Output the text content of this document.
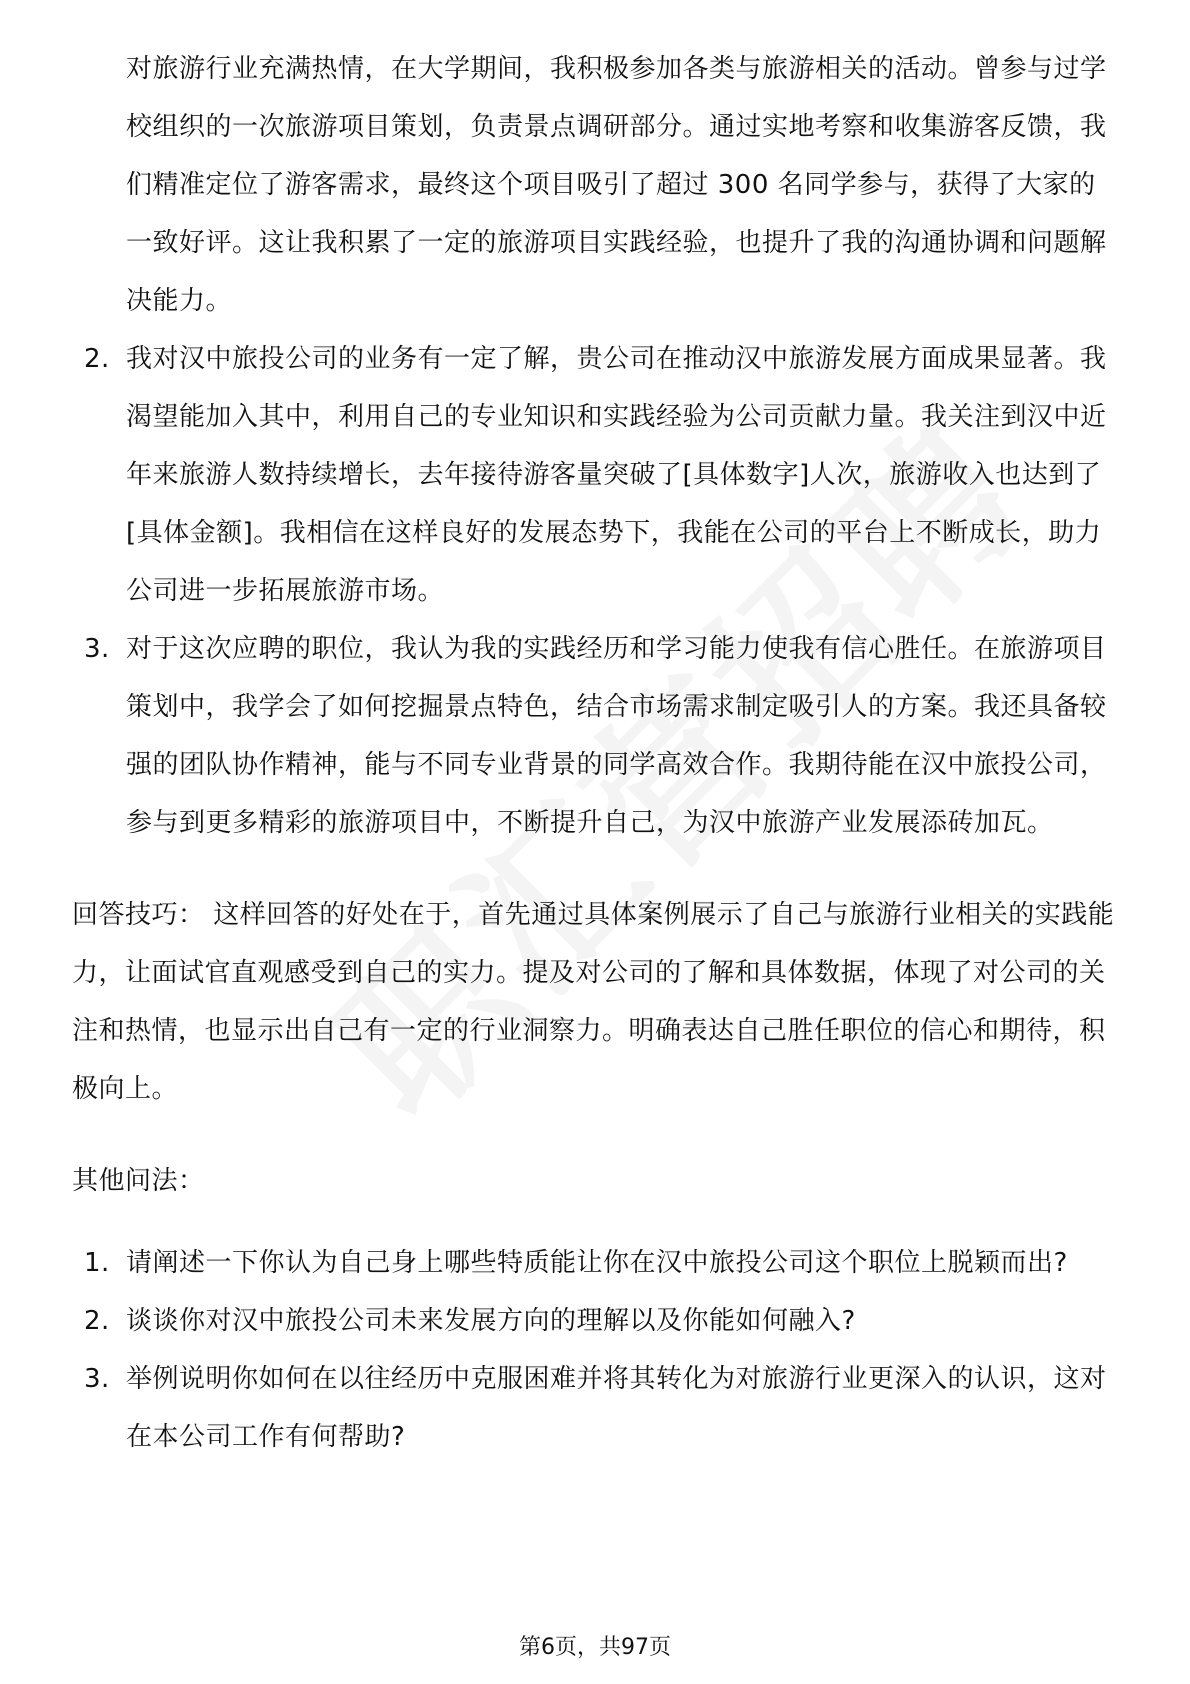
对旅游行业充满热情，在大学期间，我积极参加各类与旅游相关的活动。曾参与过学校组织的一次旅游项目策划，负责景点调研部分。通过实地考察和收集游客反馈，我们精准定位了游客需求，最终这个项目吸引了超过 300 名同学参与，获得了大家的一致好评。这让我积累了一定的旅游项目实践经验，也提升了我的沟通协调和问题解决能力。
2. 我对汉中旅投公司的业务有一定了解，贵公司在推动汉中旅游发展方面成果显著。我渴望能加入其中，利用自己的专业知识和实践经验为公司贡献力量。我关注到汉中近年来旅游人数持续增长，去年接待游客量突破了[具体数字]人次，旅游收入也达到了[具体金额]。我相信在这样良好的发展态势下，我能在公司的平台上不断成长，助力公司进一步拓展旅游市场。
3. 对于这次应聘的职位，我认为我的实践经历和学习能力使我有信心胜任。在旅游项目策划中，我学会了如何挖掘景点特色，结合市场需求制定吸引人的方案。我还具备较强的团队协作精神，能与不同专业背景的同学高效合作。我期待能在汉中旅投公司，参与到更多精彩的旅游项目中，不断提升自己，为汉中旅游产业发展添砖加瓦。
回答技巧： 这样回答的好处在于，首先通过具体案例展示了自己与旅游行业相关的实践能力，让面试官直观感受到自己的实力。提及对公司的了解和具体数据，体现了对公司的关注和热情，也显示出自己有一定的行业洞察力。明确表达自己胜任职位的信心和期待，积极向上。
其他问法：
1. 请阐述一下你认为自己身上哪些特质能让你在汉中旅投公司这个职位上脱颖而出?
2. 谈谈你对汉中旅投公司未来发展方向的理解以及你能如何融入?
3. 举例说明你如何在以往经历中克服困难并将其转化为对旅游行业更深入的认识，这对在本公司工作有何帮助?
第6页，共97页
